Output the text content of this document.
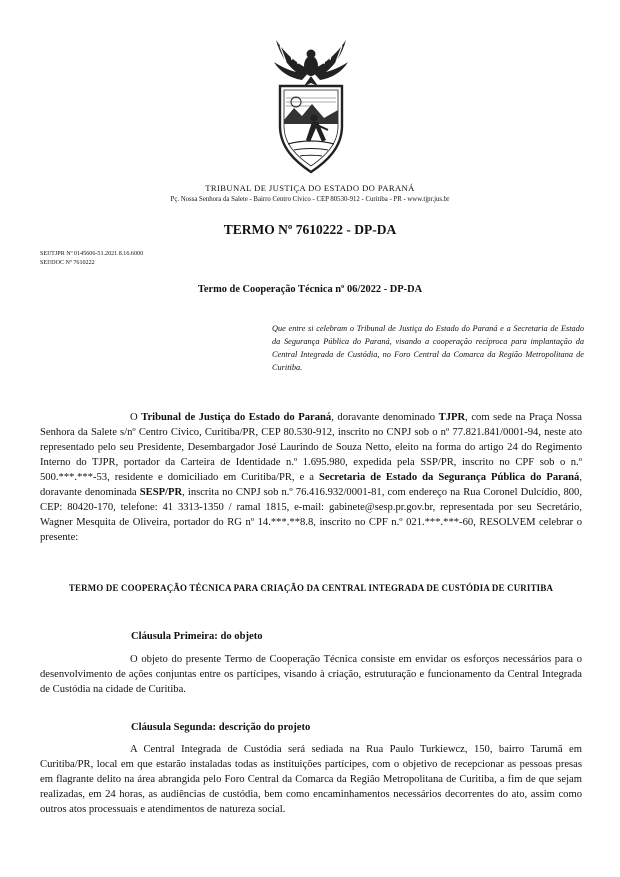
TRIBUNAL DE JUSTIÇA DO ESTADO DO PARANÁ
Pç. Nossa Senhora da Salete - Bairro Centro Cívico - CEP 80530-912 - Curitiba - PR - www.tjpr.jus.br
TERMO Nº 7610222 - DP-DA
SEI!TJPR Nº 0145606-51.2021.8.16.6000
SEI!DOC Nº 7610222
Termo de Cooperação Técnica nº 06/2022 - DP-DA
Que entre si celebram o Tribunal de Justiça do Estado do Paraná e a Secretaria de Estado da Segurança Pública do Paraná, visando a cooperação recíproca para implantação da Central Integrada de Custódia, no Foro Central da Comarca da Região Metropolitana de Curitiba.
O Tribunal de Justiça do Estado do Paraná, doravante denominado TJPR, com sede na Praça Nossa Senhora da Salete s/nº Centro Cívico, Curitiba/PR, CEP 80.530-912, inscrito no CNPJ sob o nº 77.821.841/0001-94, neste ato representado pelo seu Presidente, Desembargador José Laurindo de Souza Netto, eleito na forma do artigo 24 do Regimento Interno do TJPR, portador da Carteira de Identidade n.º 1.695.980, expedida pela SSP/PR, inscrito no CPF sob o n.º 500.***.***-53, residente e domiciliado em Curitiba/PR, e a Secretaria de Estado da Segurança Pública do Paraná, doravante denominada SESP/PR, inscrita no CNPJ sob n.º 76.416.932/0001-81, com endereço na Rua Coronel Dulcídio, 800, CEP: 80420-170, telefone: 41 3313-1350 / ramal 1815, e-mail: gabinete@sesp.pr.gov.br, representada por seu Secretário, Wagner Mesquita de Oliveira, portador do RG nº 14.***.**8.8, inscrito no CPF n.º 021.***.***-60, RESOLVEM celebrar o presente:
TERMO DE COOPERAÇÃO TÉCNICA PARA CRIAÇÃO DA CENTRAL INTEGRADA DE CUSTÓDIA DE CURITIBA
Cláusula Primeira: do objeto
O objeto do presente Termo de Cooperação Técnica consiste em envidar os esforços necessários para o desenvolvimento de ações conjuntas entre os partícipes, visando à criação, estruturação e funcionamento da Central Integrada de Custódia na cidade de Curitiba.
Cláusula Segunda: descrição do projeto
A Central Integrada de Custódia será sediada na Rua Paulo Turkiewcz, 150, bairro Tarumã em Curitiba/PR, local em que estarão instaladas todas as instituições partícipes, com o objetivo de recepcionar as pessoas presas em flagrante delito na área abrangida pelo Foro Central da Comarca da Região Metropolitana de Curitiba, a fim de que sejam realizadas, em 24 horas, as audiências de custódia, bem como encaminhamentos necessários decorrentes do ato, assim como outros atos processuais e atendimentos de natureza social.
